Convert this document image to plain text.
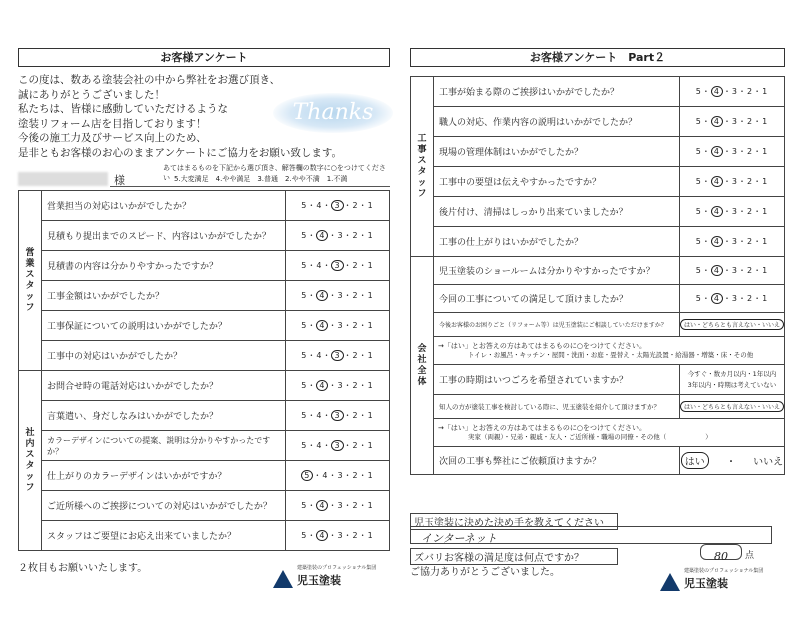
お客様アンケート
この度は、数ある塗装会社の中から弊社をお選び頂き、
誠にありがとうございました！
私たちは、皆様に感動していただけるような
塗装リフォーム店を目指しております！
今後の施工力及びサービス向上のため、
是非ともお客様のお心のままアンケートにご協力をお願い致します。
Thanks
様
あてはまるものを下記から選び頂き、解答欄の数字に○をつけてください 5.大変満足　4.やや満足　3.普通　2.やや不満　1.不満
営業スタッフ	営業担当の対応はいかがでしたか？	5・4・ 3 ・2・1
	見積もり提出までのスピード、内容はいかがでしたか？	5・ 4 ・3・2・1
	見積書の内容は分かりやすかったですか？	5・4・ 3 ・2・1
	工事金額はいかがでしたか？	5・ 4 ・3・2・1
	工事保証についての説明はいかがでしたか？	5・ 4 ・3・2・1
	工事中の対応はいかがでしたか？	5・4・ 3 ・2・1
社内スタッフ	お問合せ時の電話対応はいかがでしたか？	5・ 4 ・3・2・1
	言葉遣い、身だしなみはいかがでしたか？	5・4・ 3 ・2・1
	カラーデザインについての提案、説明は分かりやすかったですか？	5・4・ 3 ・2・1
	仕上がりのカラーデザインはいかがですか？	5 ・4・3・2・1
	ご近所様へのご挨拶についての対応はいかがでしたか？	5・ 4 ・3・2・1
	スタッフはご要望にお応え出来ていましたか？	5・ 4 ・3・2・1
２枚目もお願いいたします。	建築塗装のプロフェッショナル集団
児玉塗装
お客様アンケート　Part２
工事スタッフ	工事が始まる際のご挨拶はいかがでしたか？	5・ 4 ・3・2・1
	職人の対応、作業内容の説明はいかがでしたか？	5・ 4 ・3・2・1
	現場の管理体制はいかがでしたか？	5・ 4 ・3・2・1
	工事中の要望は伝えやすかったですか？	5・ 4 ・3・2・1
	後片付け、清掃はしっかり出来ていましたか？	5・ 4 ・3・2・1
	工事の仕上がりはいかがでしたか？	5・ 4 ・3・2・1
会社全体	児玉塗装のショールームは分かりやすかったですか？	5・ 4 ・3・2・1
	今回の工事についての満足して頂けましたか？	5・ 4 ・3・2・1
	今後お客様のお困りごと（リフォーム等）は児玉塗装にご相談していただけますか？	はい・どちらとも言えない・いいえ

	→「はい」とお答えの方はあてはまるものに○をつけてください。
トイレ・お風呂・キッチン・屋間・洗面・お庭・畳替え・太陽光設置・給湯器・増築・床・その他	

	工事の時期はいつごろを希望されていますか？	今すぐ・数カ月以内・1年以内
3年以内・時期は考えていない

	知人の方が塗装工事を検討している際に、児玉塗装を紹介して頂けますか？	はい・どちらとも言えない・いいえ

	→「はい」とお答えの方はあてはまるものに○をつけてください。
実家（両親）・兄弟・親戚・友人・ご近所様・職場の同僚・その他（　　　　　　）	

	次回の工事も弊社にご依頼頂けますか？	はい ・ いいえ
児玉塗装に決めた決め手を教えてください
インターネット
ズバリお客様の満足度は何点ですか？	80	点
ご協力ありがとうございました。	建築塗装のプロフェッショナル集団
児玉塗装
